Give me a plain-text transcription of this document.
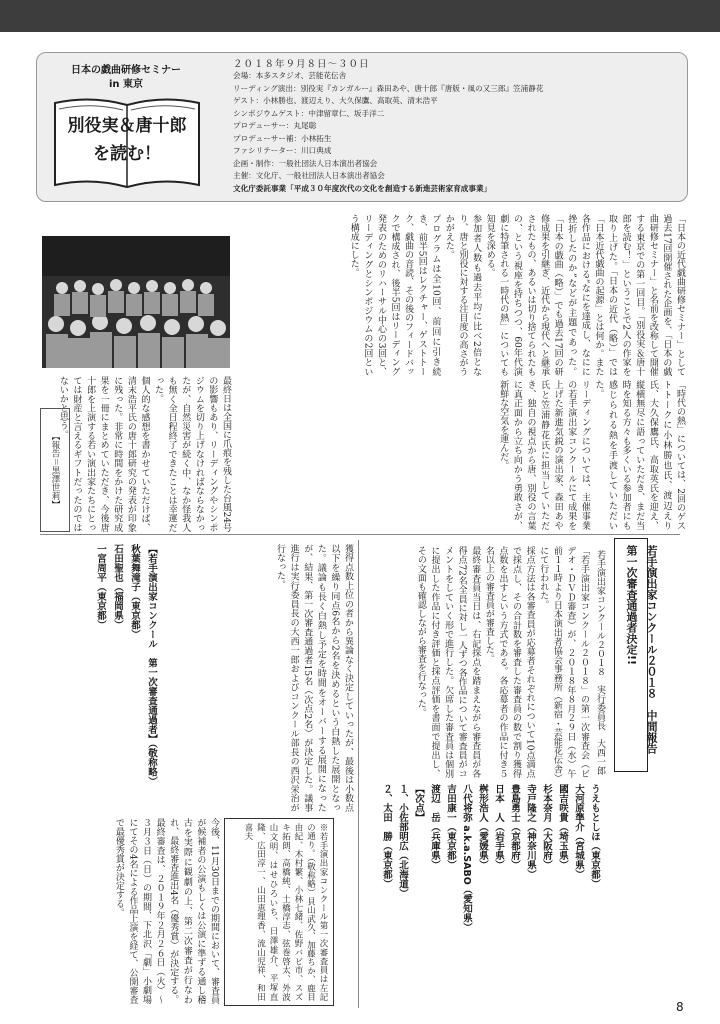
日本の戯曲研修セミナー
in 東京
別役実＆唐十郎
を読む！
２０１８年９月８日～３０日
会場：本多スタジオ、芸能花伝舎
リーディング演出：別役実『カンガルー』森田あや、唐十郎『唐版・風の又三郎』笠浦静花
ゲスト：小林勝也、渡辺えり、大久保鷹、高取英、清末浩平
シンポジウムゲスト：中津留章仁、坂手洋二
プロデューサー：丸尾聡
プロデューサー補：小林拓生
ファシリテーター：川口典成
企画・制作：一般社団法人日本演出者協会
主催：文化庁、一般社団法人日本演出者協会
文化庁委託事業「平成３０年度次代の文化を創造する新進芸術家育成事業」

「日本の近代戯曲研修セミナー」として過去17回開催された企画を、「日本の戯曲研修セミナー」と名前を改称して開催する東京での第一回目。「別役実＆唐十郎を読む！」ということで2人の作家を取り上げた。「日本の近代（略）」では「日本近代戯曲の起源」とは何か。また各作品における“なにを達成し、なにに挫折したのか”などが主題であった。「日本の戯曲（略）」でも過去17回の研修成果を引継ぎ、近代から現代へと継承されたもの、あるいは切り捨てられたもの、という視座を持ちつつ、60年代演劇に特筆される一時代の熱」についても知見を深める。

参加者人数も過去平均に比べ2倍となり、唐と別役に対する注目度の高さがうかがえた。

プログラムは全10回、前回に引き続き、前半5回はレクチャー、ゲストトーク、戯曲の音読、その後のフィードバックで構成され、後半5回はリーディング発表のためのリハーサル中心の3回と、リーディングとシンポジウムの2回という構成にした。

「時代の熱」については、2回のゲストトークに小林勝也氏、渡辺えり氏、大久保鷹氏、高取英氏を迎え、縦横無尽に語っていただき、まだ当時を知る方々も多くいる参加者にも感じられる熱を手渡していただいた。

リーディングについては、主催事業の若手演出家コンクールにて成果を上げた新進気鋭の演出家、森田あや氏と笠浦静花氏に担当していただき、独自の視点から唐、別役の言葉に真正面から立ち向かう勇敢さが、新鮮な空気を運んだ。

最終日は全国に爪痕を残した台風24号の影響もあり、リーディングやシンポジウムを切り上げなければならなかったが、自然災害が続く中、なか怪我人も無く全日程終了できたことは幸運だった。

個人的な感想を書かせていただけば、清末浩平氏の唐十郎研究の発表が印象に残った。非常に時間をかけた研究成果を一冊にまとめていただき、今後唐十郎を上演する若い演出家たちにとっては財産と言えるギフトだったのではないかと思う。

【報告＝黒澤世莉】
若手演出家コンクール２０１８　中間報告　第一次審査通過者決定!!
若手演出家コンクール２０１８　実行委員長　大西一郎

「若手演出家コンクール２０１８」の第一次審査会（ビデオ・ＤＶＤ審査）が、２０１８年８月２９日（水）午前１１時より日本演出者協会事務所（新宿・芸能花伝舎）にて行われた。

採点方法は各審査員が応募者それぞれについて10点満点で採点し、その合計数を審査した審査員の数で割り獲得点数を出すという方式である。各応募者の作品に付き５名以上の審査員が審査した。

最終審査員当日は、右記採点を踏まえながら審査員が各得点72名全員に対し一人ずつ各作品について審査員がコメントをしていく形で進行した。欠席した審査員は個別に提出した作品に付き評価と採点評価を書面で提出し、その文面も確認しながら審査を行なった。

うえもとしほ（東京都）

大河原準介（宮城県）

國吉咲貴（埼玉県）

杉本奈月（大阪府）

寺戸隆之（神奈川県）

豊島勇士（京都府）

日本　人（岩手県）

桝形浩人（愛媛県）

八代将弥 a.k.a.SABO（愛知県）

吉田康一（東京都）

渡辺　岳（兵庫県）

【次点】

１、小佐部明広（北海道）

２、太田　勝（東京都）

獲得点数上位の者から異論なく決定していったが、最後は小数点以下を繰り同点6名から2名を決めるという白熱した展開となった。議論も長く白熱し予定を時間をオーバーする展開になったが、結果、第一次審査通過者15名（次点2名）が決定した。議事進行は実行委員長の大西一郎およびコンクール部長の西沢栄治が行なった。

【若手演出家コンクール　第一次審査通過者】（敬称略）

秋葉舞滝子（東京都）

石田聖也（福岡県）

一宮周平（東京都）

※若手演出家コンクール第一次審査員は左記の通り。（敬称略）貝山武久、加藤ちか、鹿目由紀、木村繁、小林七緒、佐野バビ市、スズキ拓朗、高橋純、土橋淳志、弦巻啓太、外波山文明、はせひろいち、日澤雄介、平塚直隆、広田淳一、山田恵理香、流山児祥、和田喜夫

今後、11月30日までの期間において、審査員が候補者の公演もしくは公演に準ずる通し稽古を実際に観劇の上、第二次審査が行なわれ、最終審査進出4名（優秀賞）が決定する。

最終審査は、２０１９年２月２６日（火）～３月３日（日）の期間、下北沢「劇」小劇場にてその4名による作品上演を経て、公開審査で最優秀賞が決定する。

8
